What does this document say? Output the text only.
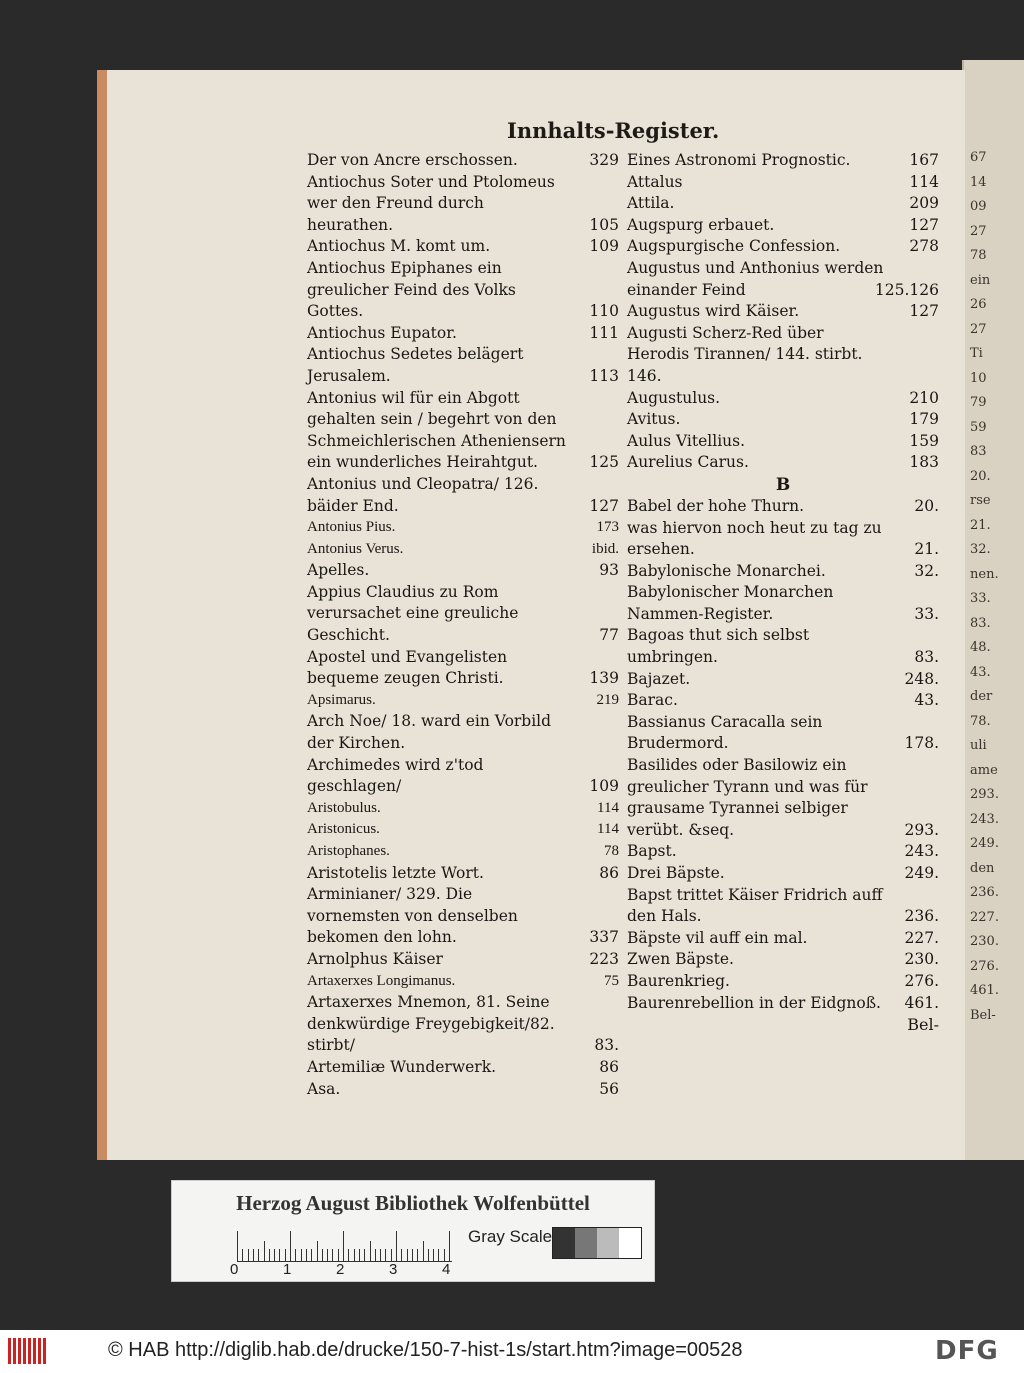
67
14
09
27
78
ein
26
27
Ti
10
79
59
83
20.
rse
21.
32.
nen.
33.
83.
48.
43.
der
78.
uli
ame
293.
243.
249.
den
236.
227.
230.
276.
461.
Bel-
Innhalts-Register.
Der von Ancre erschossen.	329
Antiochus Soter und Ptolomeus wer den Freund durch heurathen.	105
Antiochus M. komt um.	109
Antiochus Epiphanes ein greulicher Feind des Volks Gottes.	110
Antiochus Eupator.	111
Antiochus Sedetes belägert Jerusalem.	113
Antonius wil für ein Abgott gehalten sein / begehrt von den Schmeichlerischen Atheniensern ein wunderliches Heirahtgut.	125
Antonius und Cleopatra/ 126. bäider End.	127
Antonius Pius.	173
Antonius Verus.	ibid.
Apelles.	93
Appius Claudius zu Rom verursachet eine greuliche Geschicht.	77
Apostel und Evangelisten bequeme zeugen Christi.	139
Apsimarus.	219
Arch Noe/ 18. ward ein Vorbild der Kirchen.
Archimedes wird z'tod geschlagen/	109
Aristobulus.	114
Aristonicus.	114
Aristophanes.	78
Aristotelis letzte Wort.	86
Arminianer/ 329. Die vornemsten von denselben bekomen den lohn.	337
Arnolphus Käiser	223
Artaxerxes Longimanus.	75
Artaxerxes Mnemon, 81. Seine denkwürdige Freygebigkeit/82. stirbt/	83.
Artemiliæ Wunderwerk.	86
Asa.	56
Eines Astronomi Prognostic.	167
Attalus	114
Attila.	209
Augspurg erbauet.	127
Augspurgische Confession.	278
Augustus und Anthonius werden einander Feind	125.126
Augustus wird Käiser.	127
Augusti Scherz-Red über Herodis Tirannen/ 144. stirbt. 146.
Augustulus.	210
Avitus.	179
Aulus Vitellius.	159
Aurelius Carus.	183
B
Babel der hohe Thurn.	20.
was hiervon noch heut zu tag zu ersehen.	21.
Babylonische Monarchei.	32.
Babylonischer Monarchen Nammen-Register.	33.
Bagoas thut sich selbst umbringen.	83.
Bajazet.	248.
Barac.	43.
Bassianus Caracalla sein Brudermord.	178.
Basilides oder Basilowiz ein greulicher Tyrann und was für grausame Tyrannei selbiger verübt. &seq.	293.
Bapst.	243.
Drei Bäpste.	249.
Bapst trittet Käiser Fridrich auff den Hals.	236.
Bäpste vil auff ein mal.	227.
Zwen Bäpste.	230.
Baurenkrieg.	276.
Baurenrebellion in der Eidgnoß.	461.
Bel-
Herzog August Bibliothek Wolfenbüttel
0	1	2	3	4
Gray Scale
© HAB http://diglib.hab.de/drucke/150-7-hist-1s/start.htm?image=00528	DFG
